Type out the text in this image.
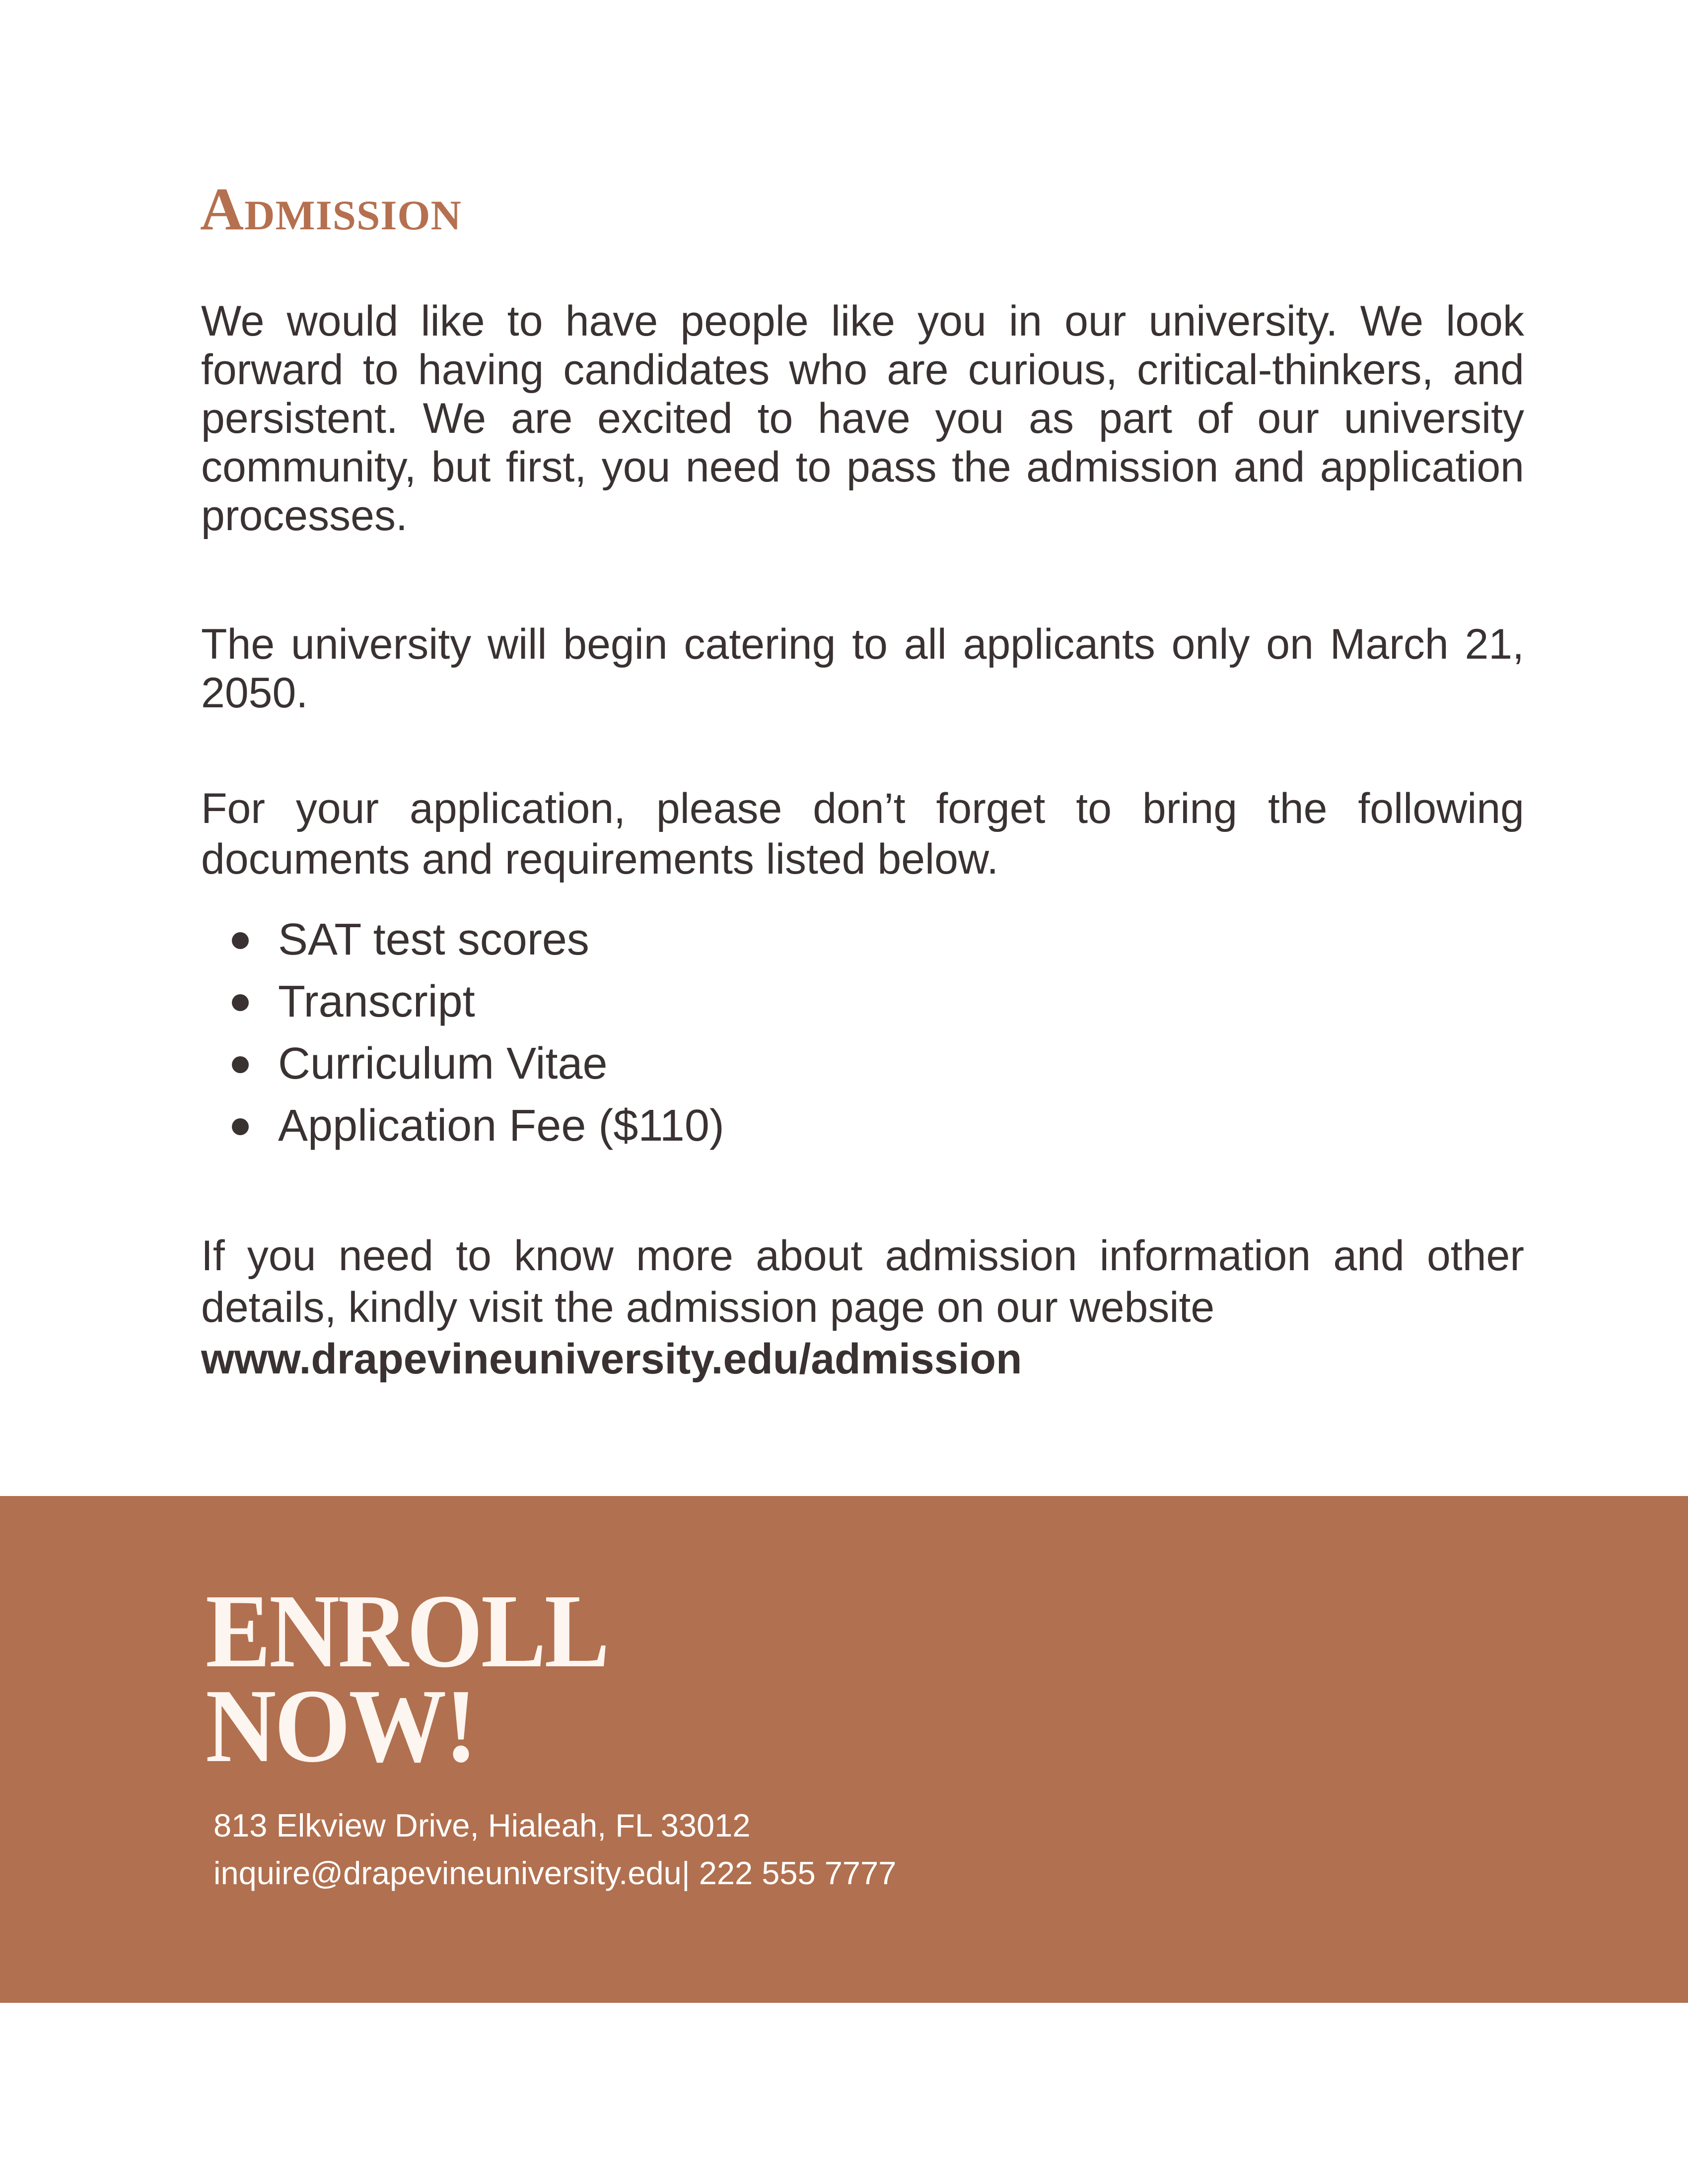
Admission

We would like to have people like you in our university. We look forward to having candidates who are curious, critical-thinkers, and persistent. We are excited to have you as part of our university community, but first, you need to pass the admission and application processes.

The university will begin catering to all applicants only on March 21, 2050.

For your application, please don’t forget to bring the following documents and requirements listed below.

SAT test scores
Transcript
Curriculum Vitae
Application Fee ($110)
If you need to know more about admission information and other details, kindly visit the admission page on our website
www.drapevineuniversity.edu/admission
ENROLL
NOW!
813 Elkview Drive, Hialeah, FL 33012
inquire@drapevineuniversity.edu| 222 555 7777
